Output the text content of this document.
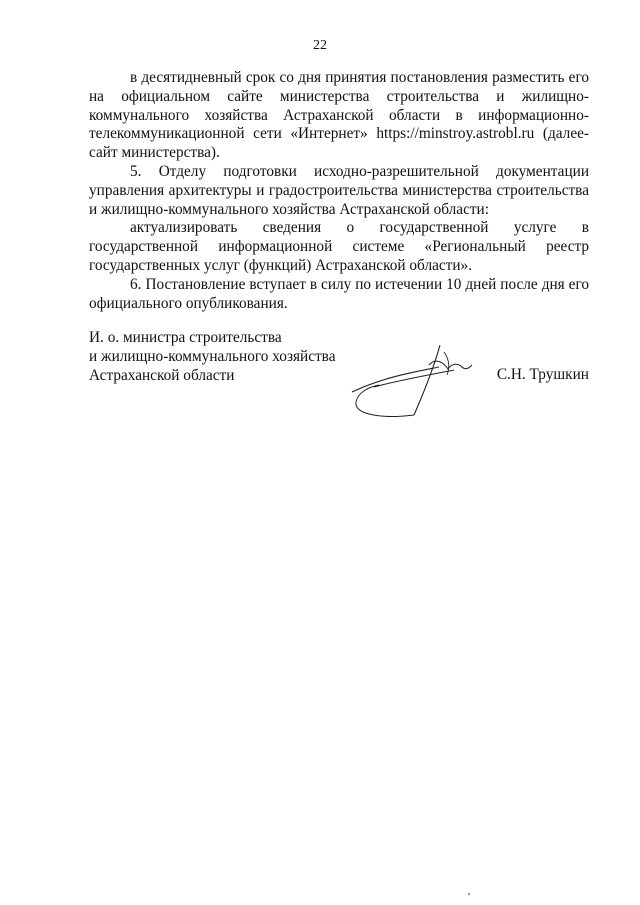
22

в десятидневный срок со дня принятия постановления разместить его на официальном сайте министерства строительства и жилищно-коммунального хозяйства Астраханской области в информационно-телекоммуникационной сети «Интернет» https://minstroy.astrobl.ru (далее-сайт министерства).

5. Отделу подготовки исходно-разрешительной документации

управления архитектуры и градостроительства министерства строительства и жилищно-коммунального хозяйства Астраханской области:

актуализировать сведения о государственной услуге в государственной информационной системе «Региональный реестр государственных услуг (функций) Астраханской области».

6. Постановление вступает в силу по истечении 10 дней после дня его официального опубликования.

И. о. министра строительства
и жилищно-коммунального хозяйства
Астраханской области	С.Н. Трушкин
